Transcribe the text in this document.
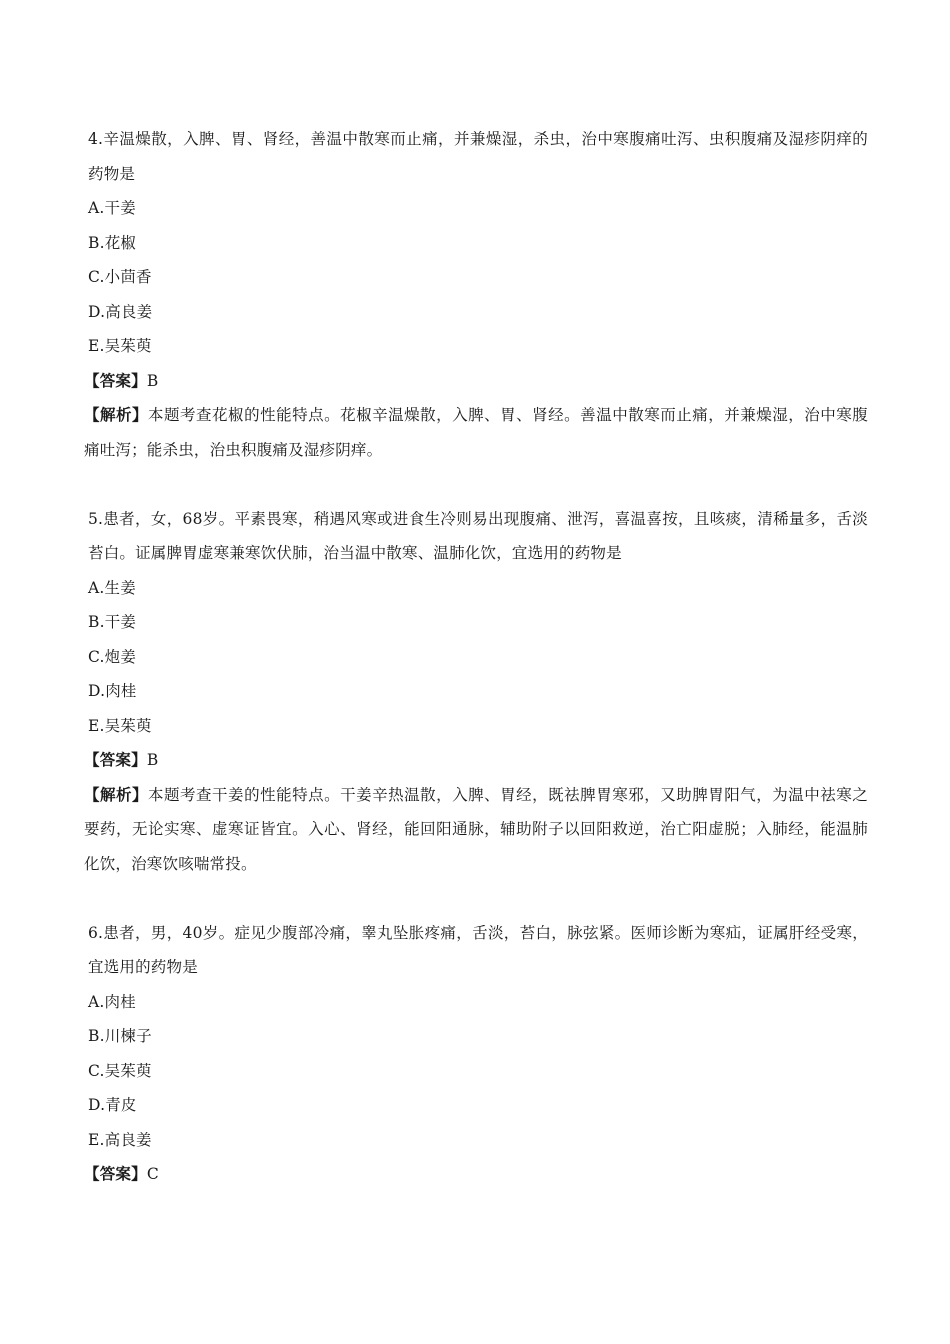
4.辛温燥散，入脾、胃、肾经，善温中散寒而止痛，并兼燥湿，杀虫，治中寒腹痛吐泻、虫积腹痛及湿疹阴痒的药物是
A.干姜
B.花椒
C.小茴香
D.高良姜
E.吴茱萸
【答案】B
【解析】本题考查花椒的性能特点。花椒辛温燥散，入脾、胃、肾经。善温中散寒而止痛，并兼燥湿，治中寒腹痛吐泻；能杀虫，治虫积腹痛及湿疹阴痒。
5.患者，女，68岁。平素畏寒，稍遇风寒或进食生冷则易出现腹痛、泄泻，喜温喜按，且咳痰，清稀量多，舌淡苔白。证属脾胃虚寒兼寒饮伏肺，治当温中散寒、温肺化饮，宜选用的药物是
A.生姜
B.干姜
C.炮姜
D.肉桂
E.吴茱萸
【答案】B
【解析】本题考查干姜的性能特点。干姜辛热温散，入脾、胃经，既祛脾胃寒邪，又助脾胃阳气，为温中祛寒之要药，无论实寒、虚寒证皆宜。入心、肾经，能回阳通脉，辅助附子以回阳救逆，治亡阳虚脱；入肺经，能温肺化饮，治寒饮咳喘常投。
6.患者，男，40岁。症见少腹部冷痛，睾丸坠胀疼痛，舌淡，苔白，脉弦紧。医师诊断为寒疝，证属肝经受寒，宜选用的药物是
A.肉桂
B.川楝子
C.吴茱萸
D.青皮
E.高良姜
【答案】C
